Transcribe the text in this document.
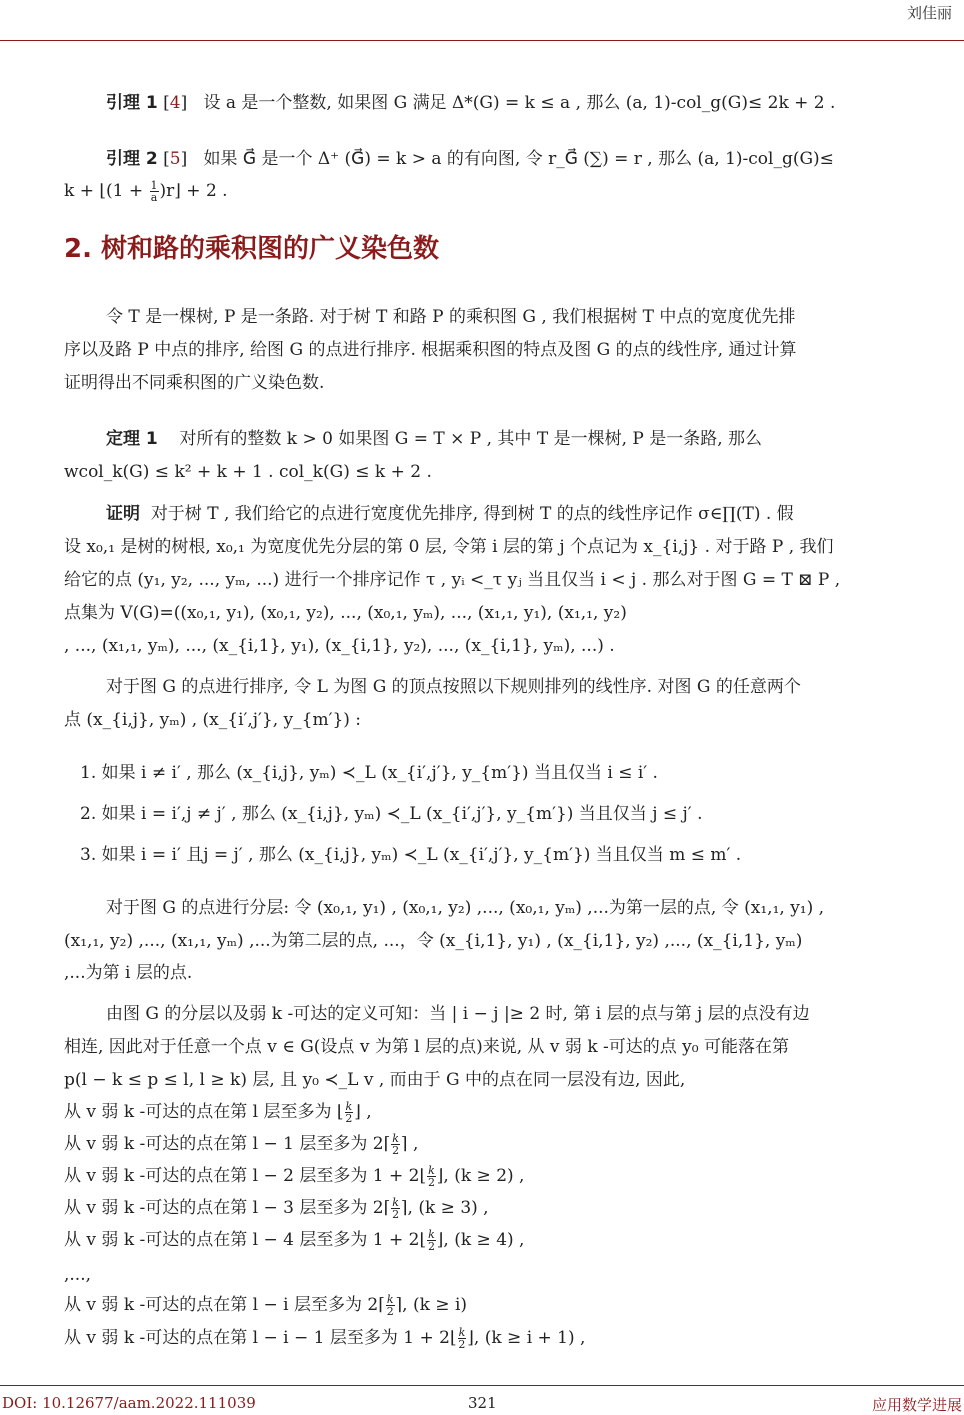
刘佳丽
引理 1 [4]   设 a 是一个整数, 如果图 G 满足 Δ*(G) = k ≤ a , 那么 (a, 1)-col_g(G)≤ 2k + 2 .
引理 2 [5]   如果 G⃗ 是一个 Δ⁺ (G⃗) = k > a 的有向图, 令 r_G⃗ (∑) = r , 那么 (a, 1)-col_g(G)≤
k + ⌊(1 + $\frac{1}{a}$ )r⌋ + 2 .
2. 树和路的乘积图的广义染色数
令 T 是一棵树, P 是一条路. 对于树 T 和路 P 的乘积图 G , 我们根据树 T 中点的宽度优先排
序以及路 P 中点的排序, 给图 G 的点进行排序. 根据乘积图的特点及图 G 的点的线性序, 通过计算
证明得出不同乘积图的广义染色数.
定理 1 对所有的整数 k > 0 如果图 G = T × P , 其中 T 是一棵树, P 是一条路, 那么
wcol_k(G) ≤ k² + k + 1 . col_k(G) ≤ k + 2 .
证明 对于树 T , 我们给它的点进行宽度优先排序, 得到树 T 的点的线性序记作 σ∈∏(T) . 假
设 x₀,₁ 是树的树根, x₀,₁ 为宽度优先分层的第 0 层, 令第 i 层的第 j 个点记为 x_{i,j} . 对于路 P , 我们
给它的点 (y₁, y₂, ..., yₘ, ...) 进行一个排序记作 τ , yᵢ <_τ yⱼ 当且仅当 i < j . 那么对于图 G = T ⊠ P ,
点集为 V(G)=((x₀,₁, y₁), (x₀,₁, y₂), ..., (x₀,₁, yₘ), ..., (x₁,₁, y₁), (x₁,₁, y₂)
, ..., (x₁,₁, yₘ), ..., (x_{i,1}, y₁), (x_{i,1}, y₂), ..., (x_{i,1}, yₘ), ...) .
对于图 G 的点进行排序, 令 L 为图 G 的顶点按照以下规则排列的线性序. 对图 G 的任意两个
点 (x_{i,j}, yₘ) , (x_{i′,j′}, y_{m′}) :
1. 如果 i ≠ i′ , 那么 (x_{i,j}, yₘ) ≺_L (x_{i′,j′}, y_{m′}) 当且仅当 i ≤ i′ .
2. 如果 i = i′,j ≠ j′ , 那么 (x_{i,j}, yₘ) ≺_L (x_{i′,j′}, y_{m′}) 当且仅当 j ≤ j′ .
3. 如果 i = i′ 且j = j′ , 那么 (x_{i,j}, yₘ) ≺_L (x_{i′,j′}, y_{m′}) 当且仅当 m ≤ m′ .
对于图 G 的点进行分层: 令 (x₀,₁, y₁) , (x₀,₁, y₂) ,..., (x₀,₁, yₘ) ,...为第一层的点, 令 (x₁,₁, y₁) ,
(x₁,₁, y₂) ,..., (x₁,₁, yₘ) ,...为第二层的点, ...，令 (x_{i,1}, y₁) , (x_{i,1}, y₂) ,..., (x_{i,1}, yₘ)
,...为第 i 层的点.
由图 G 的分层以及弱 k -可达的定义可知：当 | i − j |≥ 2 时, 第 i 层的点与第 j 层的点没有边
相连, 因此对于任意一个点 v ∈ G(设点 v 为第 l 层的点)来说, 从 v 弱 k -可达的点 y₀ 可能落在第
p(l − k ≤ p ≤ l, l ≥ k) 层, 且 y₀ ≺_L v , 而由于 G 中的点在同一层没有边, 因此,
从 v 弱 k -可达的点在第 l 层至多为 ⌊ $\frac{k}{2}$ ⌋ ,
从 v 弱 k -可达的点在第 l − 1 层至多为 2⌈ $\frac{k}{2}$ ⌉ ,
从 v 弱 k -可达的点在第 l − 2 层至多为 1 + 2⌊ $\frac{k}{2}$ ⌋, (k ≥ 2) ,
从 v 弱 k -可达的点在第 l − 3 层至多为 2⌈ $\frac{k}{2}$ ⌉, (k ≥ 3) ,
从 v 弱 k -可达的点在第 l − 4 层至多为 1 + 2⌊ $\frac{k}{2}$ ⌋, (k ≥ 4) ,
,...,
从 v 弱 k -可达的点在第 l − i 层至多为 2⌈ $\frac{k}{2}$ ⌉, (k ≥ i)
从 v 弱 k -可达的点在第 l − i − 1 层至多为 1 + 2⌊ $\frac{k}{2}$ ⌋, (k ≥ i + 1) ,
DOI: 10.12677/aam.2022.111039	321	应用数学进展
